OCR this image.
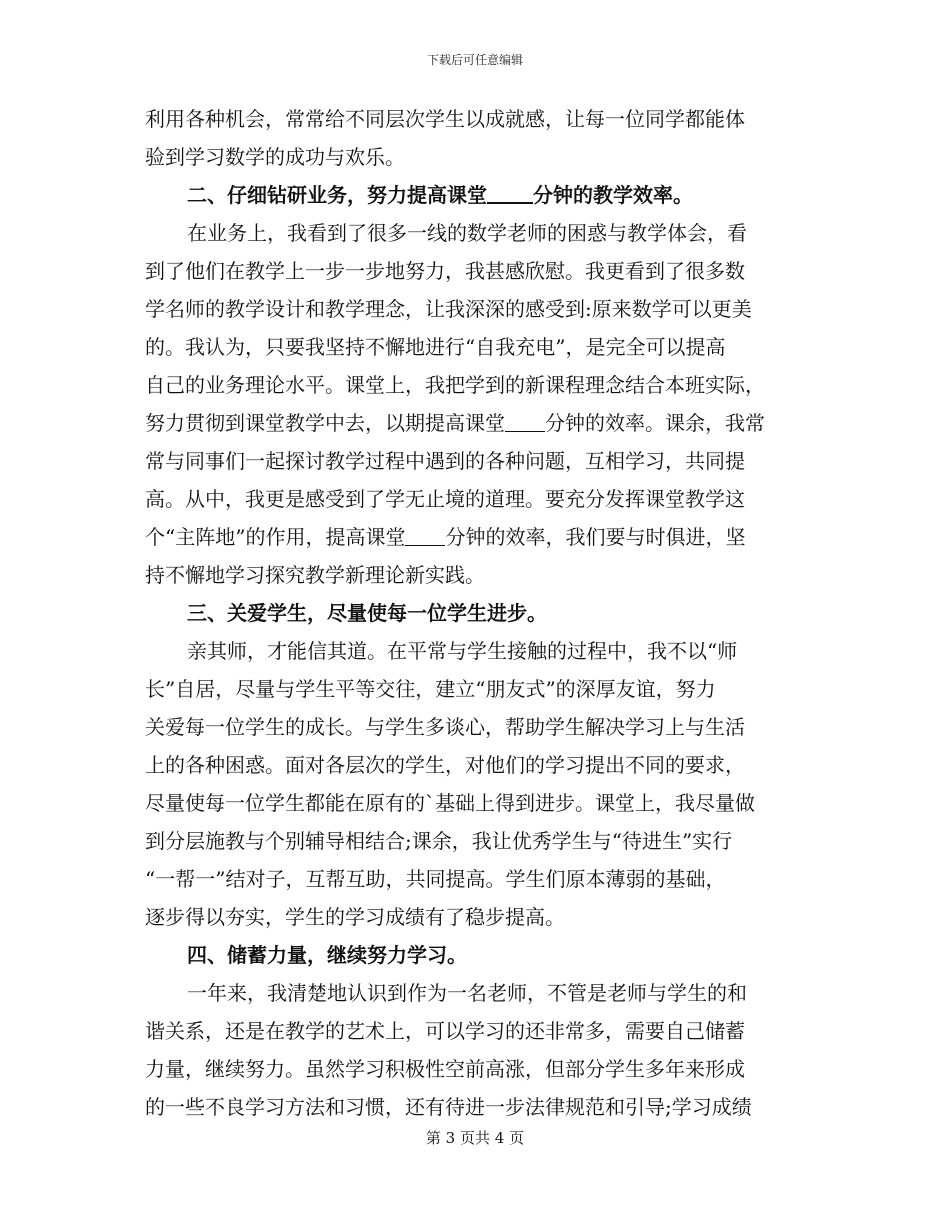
下载后可任意编辑
利用各种机会，常常给不同层次学生以成就感，让每一位同学都能体
验到学习数学的成功与欢乐。
二、仔细钻研业务，努力提高课堂 分钟的教学效率。
在业务上，我看到了很多一线的数学老师的困惑与教学体会，看
到了他们在教学上一步一步地努力，我甚感欣慰。我更看到了很多数
学名师的教学设计和教学理念，让我深深的感受到:原来数学可以更美
的。我认为，只要我坚持不懈地进行“自我充电”，是完全可以提高
自己的业务理论水平。课堂上，我把学到的新课程理念结合本班实际，
努力贯彻到课堂教学中去，以期提高课堂 分钟的效率。课余，我常
常与同事们一起探讨教学过程中遇到的各种问题，互相学习，共同提
高。从中，我更是感受到了学无止境的道理。要充分发挥课堂教学这
个“主阵地”的作用，提高课堂 分钟的效率，我们要与时俱进，坚
持不懈地学习探究教学新理论新实践。
三、关爱学生，尽量使每一位学生进步。
亲其师，才能信其道。在平常与学生接触的过程中，我不以“师
长”自居，尽量与学生平等交往，建立“朋友式”的深厚友谊，努力
关爱每一位学生的成长。与学生多谈心，帮助学生解决学习上与生活
上的各种困惑。面对各层次的学生，对他们的学习提出不同的要求，
尽量使每一位学生都能在原有的`基础上得到进步。课堂上，我尽量做
到分层施教与个别辅导相结合;课余，我让优秀学生与“待进生”实行
“一帮一”结对子，互帮互助，共同提高。学生们原本薄弱的基础，
逐步得以夯实，学生的学习成绩有了稳步提高。
四、储蓄力量，继续努力学习。
一年来，我清楚地认识到作为一名老师，不管是老师与学生的和
谐关系，还是在教学的艺术上，可以学习的还非常多，需要自己储蓄
力量，继续努力。虽然学习积极性空前高涨，但部分学生多年来形成
的一些不良学习方法和习惯，还有待进一步法律规范和引导;学习成绩
第 3 页共 4 页
